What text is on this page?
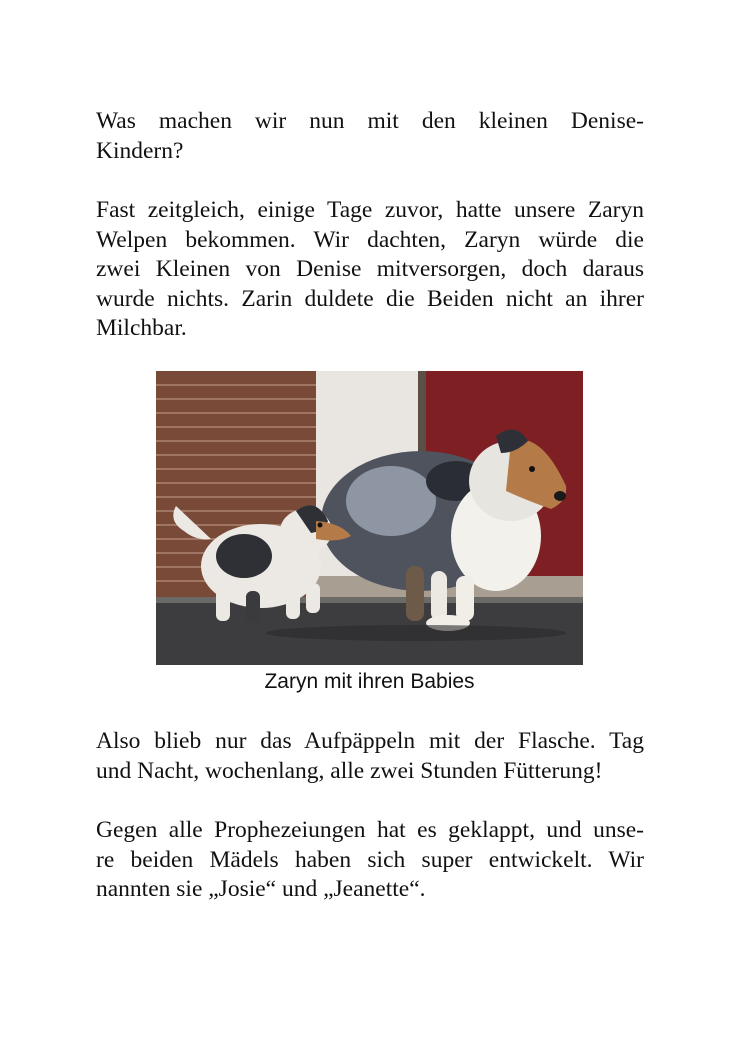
Was machen wir nun mit den kleinen Denise-
Kindern?

Fast zeitgleich, einige Tage zuvor, hatte unsere Zaryn
Welpen bekommen. Wir dachten, Zaryn würde die
zwei Kleinen von Denise mitversorgen, doch daraus
wurde nichts. Zarin duldete die Beiden nicht an ihrer
Milchbar.

Zaryn mit ihren Babies

Also blieb nur das Aufpäppeln mit der Flasche. Tag
und Nacht, wochenlang, alle zwei Stunden Fütterung!

Gegen alle Prophezeiungen hat es geklappt, und unse-
re beiden Mädels haben sich super entwickelt. Wir
nannten sie „Josie“ und „Jeanette“.
